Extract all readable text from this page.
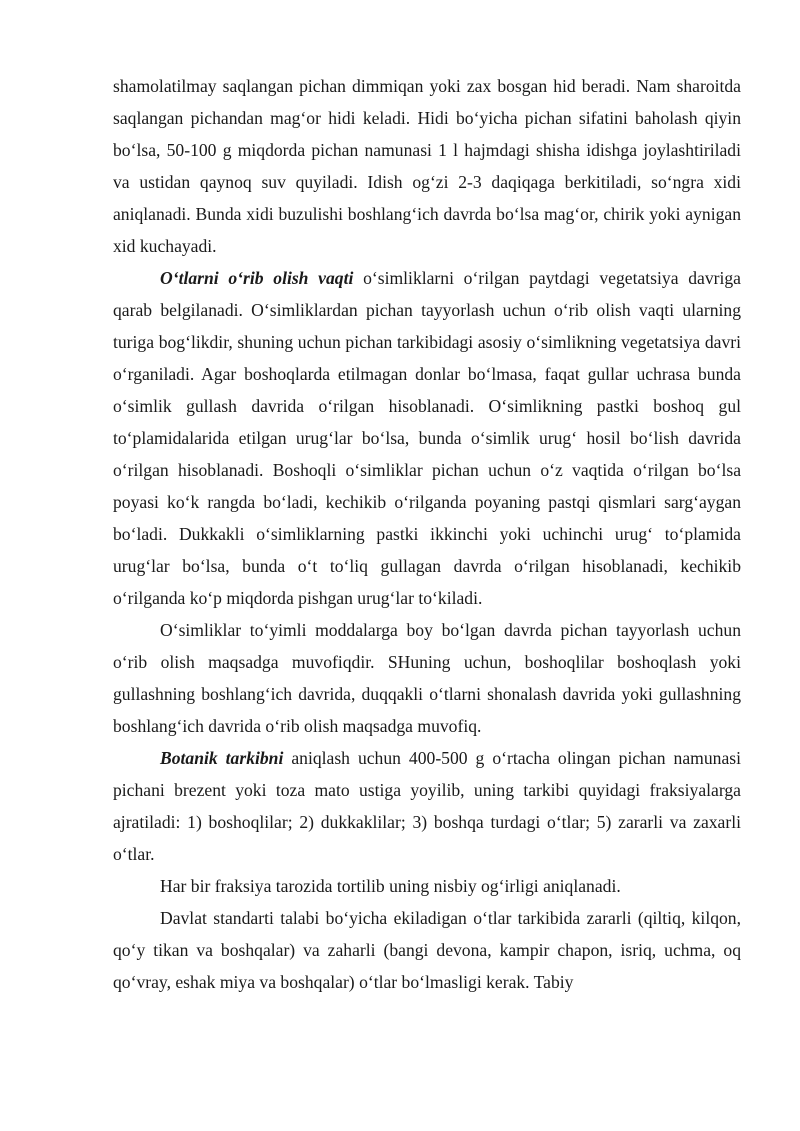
shamolatilmay saqlangan pichan dimmiqan yoki zax bosgan hid beradi. Nam sharoitda saqlangan pichandan mag‘or hidi keladi. Hidi bo‘yicha pichan sifatini baholash qiyin bo‘lsa, 50-100 g miqdorda pichan namunasi 1 l hajmdagi shisha idishga joylashtiriladi va ustidan qaynoq suv quyiladi. Idish og‘zi 2-3 daqiqaga berkitiladi, so‘ngra xidi aniqlanadi. Bunda xidi buzulishi boshlang‘ich davrda bo‘lsa mag‘or, chirik yoki aynigan xid kuchayadi.

O‘tlarni o‘rib olish vaqti o‘simliklarni o‘rilgan paytdagi vegetatsiya davriga qarab belgilanadi. O‘simliklardan pichan tayyorlash uchun o‘rib olish vaqti ularning turiga bog‘likdir, shuning uchun pichan tarkibidagi asosiy o‘simlikning vegetatsiya davri o‘rganiladi. Agar boshoqlarda etilmagan donlar bo‘lmasa, faqat gullar uchrasa bunda o‘simlik gullash davrida o‘rilgan hisoblanadi. O‘simlikning pastki boshoq gul to‘plamidalarida etilgan urug‘lar bo‘lsa, bunda o‘simlik urug‘ hosil bo‘lish davrida o‘rilgan hisoblanadi. Boshoqli o‘simliklar pichan uchun o‘z vaqtida o‘rilgan bo‘lsa poyasi ko‘k rangda bo‘ladi, kechikib o‘rilganda poyaning pastqi qismlari sarg‘aygan bo‘ladi. Dukkakli o‘simliklarning pastki ikkinchi yoki uchinchi urug‘ to‘plamida urug‘lar bo‘lsa, bunda o‘t to‘liq gullagan davrda o‘rilgan hisoblanadi, kechikib o‘rilganda ko‘p miqdorda pishgan urug‘lar to‘kiladi.

O‘simliklar to‘yimli moddalarga boy bo‘lgan davrda pichan tayyorlash uchun o‘rib olish maqsadga muvofiqdir. SHuning uchun, boshoqlilar boshoqlash yoki gullashning boshlang‘ich davrida, duqqakli o‘tlarni shonalash davrida yoki gullashning boshlang‘ich davrida o‘rib olish maqsadga muvofiq.

Botanik tarkibni aniqlash uchun 400-500 g o‘rtacha olingan pichan namunasi pichani brezent yoki toza mato ustiga yoyilib, uning tarkibi quyidagi fraksiyalarga ajratiladi: 1) boshoqlilar; 2) dukkaklilar; 3) boshqa turdagi o‘tlar; 5) zararli va zaxarli o‘tlar.

Har bir fraksiya tarozida tortilib uning nisbiy og‘irligi aniqlanadi.

Davlat standarti talabi bo‘yicha ekiladigan o‘tlar tarkibida zararli (qiltiq, kilqon, qo‘y tikan va boshqalar) va zaharli (bangi devona, kampir chapon, isriq, uchma, oq qo‘vray, eshak miya va boshqalar) o‘tlar bo‘lmasligi kerak. Tabiy
